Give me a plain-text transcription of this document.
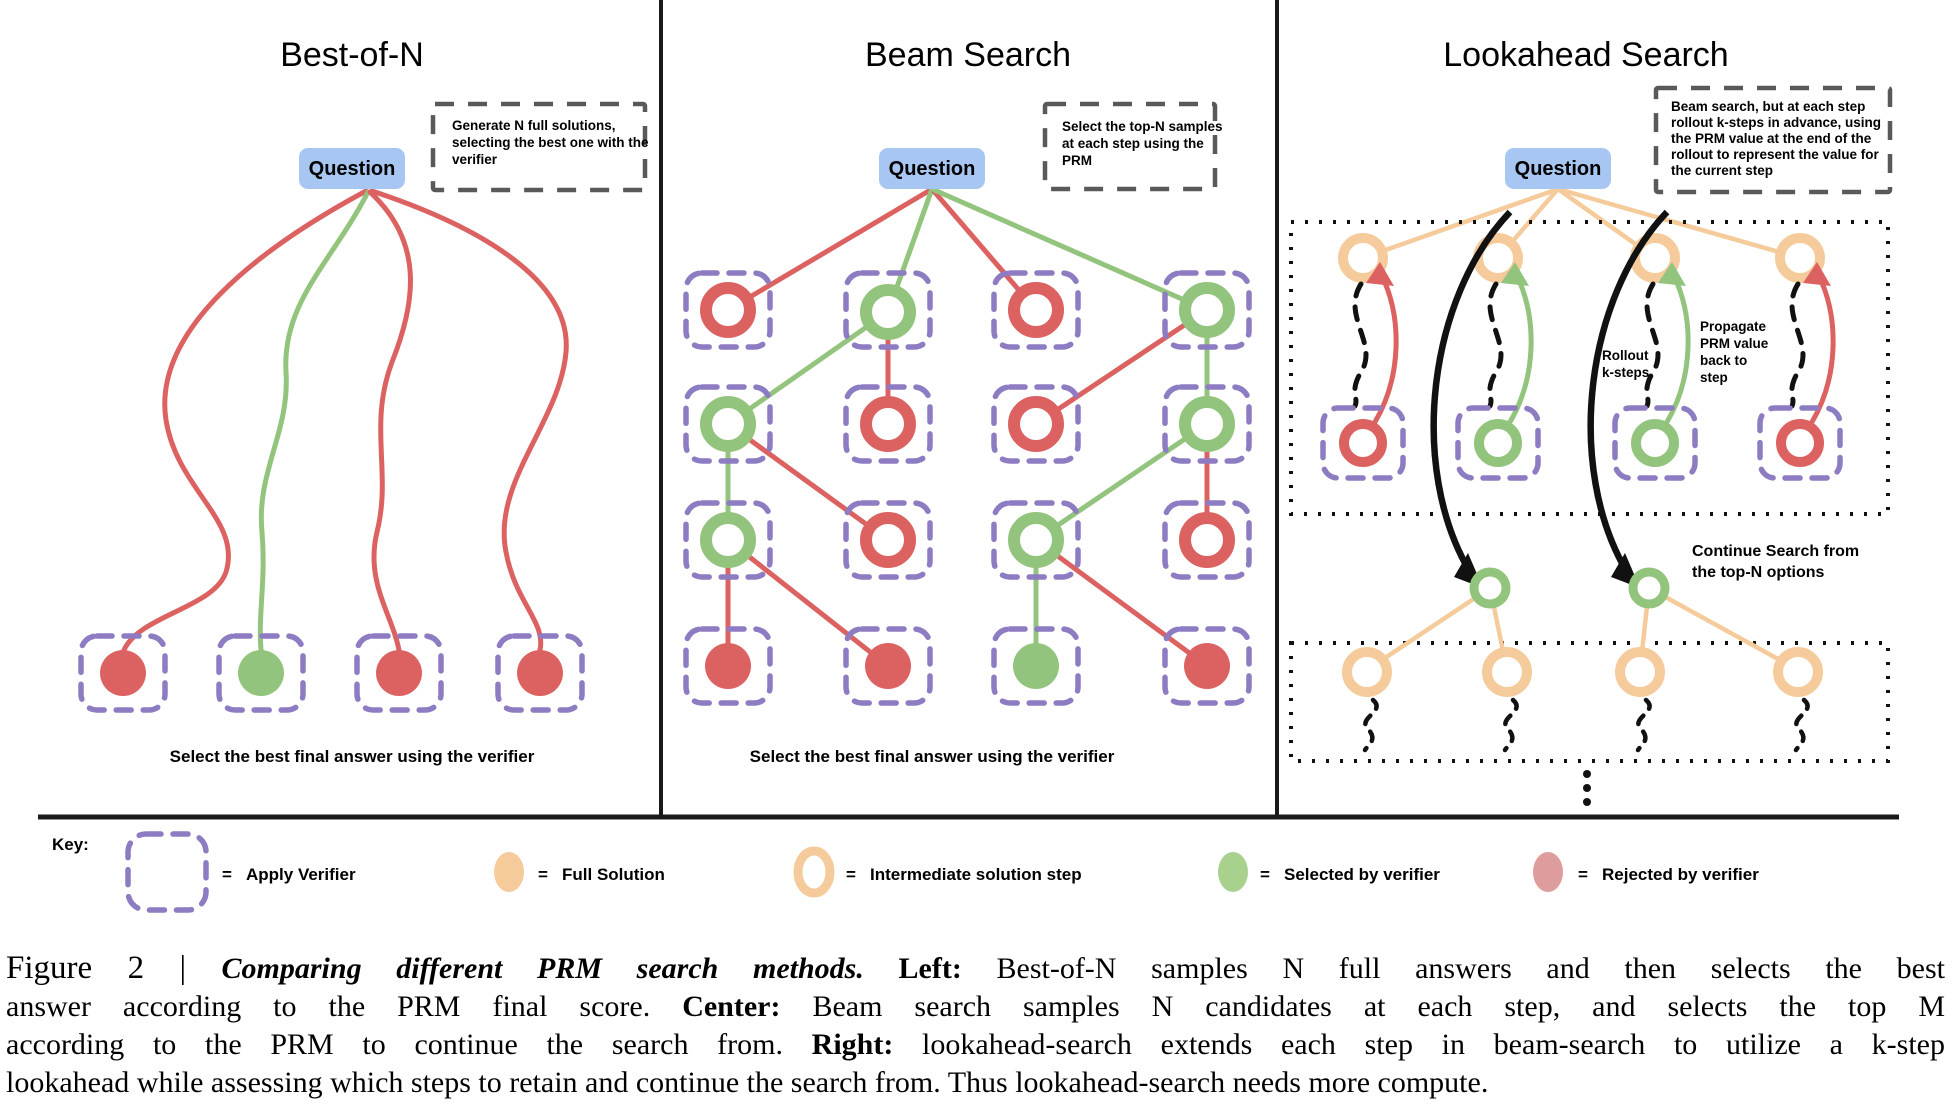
Best-of-N	Beam Search	Lookahead Search
Generate N full solutions, selecting the best one with the verifier
Select the top-N samples at each step using the PRM
Beam search, but at each step rollout k-steps in advance, using the PRM value at the end of the rollout to represent the value for the current step
Question
Select the best final answer using the verifier
Question
Select the best final answer using the verifier
Question
Rollout k-steps
Propagate PRM value back to step
Continue Search from the top-N options
Key:
= Apply Verifier	= Full Solution	= Intermediate solution step	= Selected by verifier	= Rejected by verifier
Figure 2 | Comparing different PRM search methods. Left: Best-of-N samples N full answers and then selects the best
answer according to the PRM final score. Center: Beam search samples N candidates at each step, and selects the top M
according to the PRM to continue the search from. Right: lookahead-search extends each step in beam-search to utilize a k-step
lookahead while assessing which steps to retain and continue the search from. Thus lookahead-search needs more compute.
